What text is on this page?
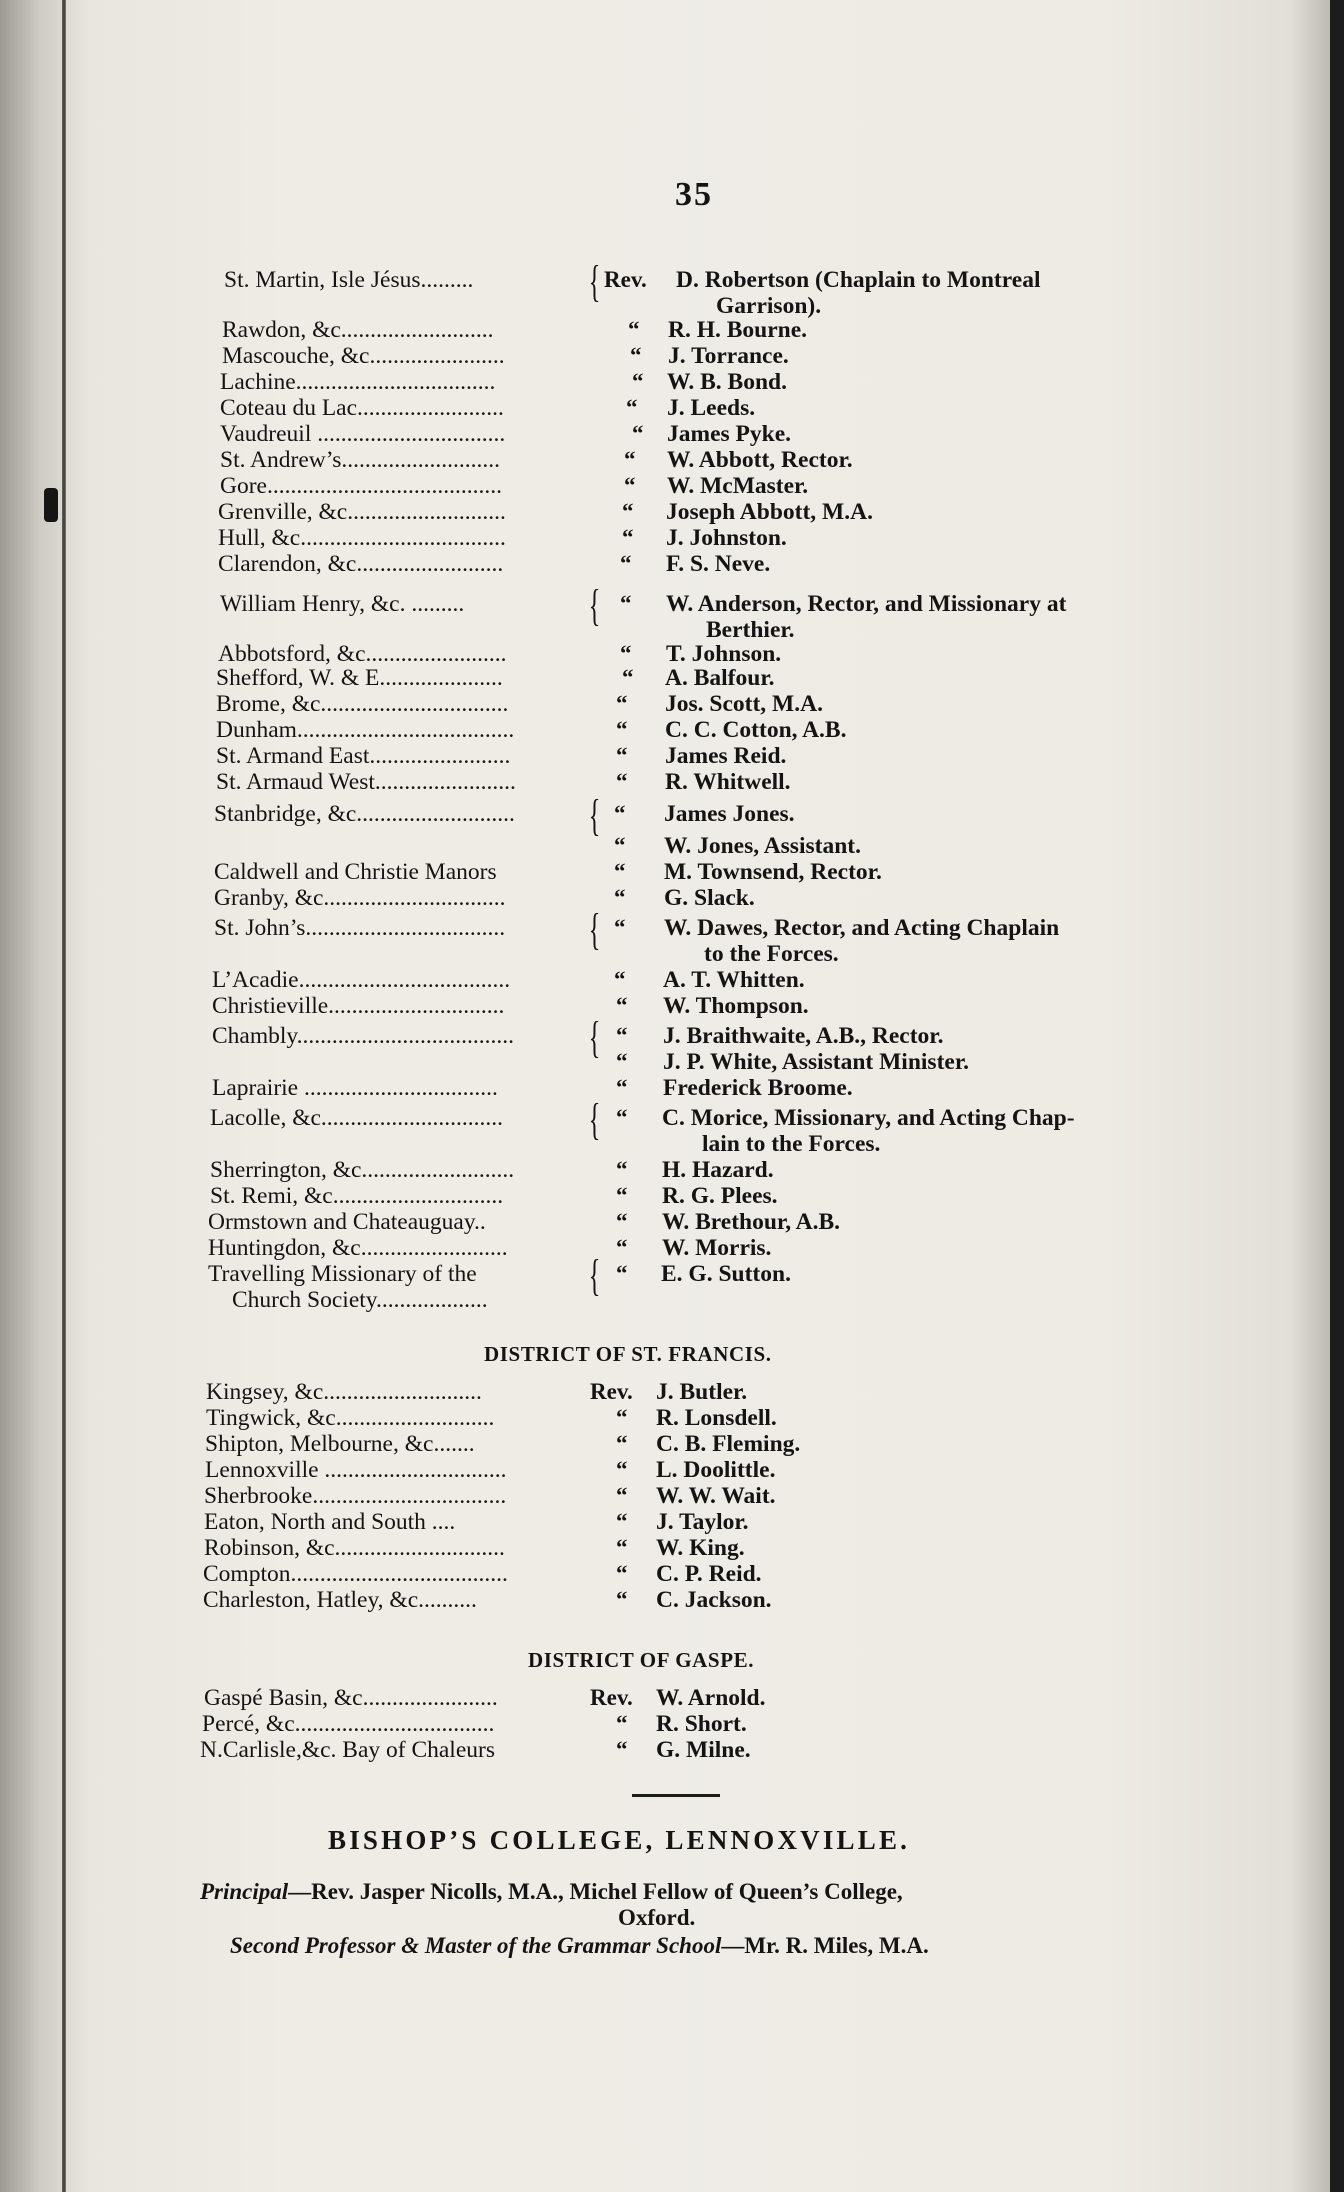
35
St. Martin, Isle Jésus.........	{ Rev. D. Robertson (Chaplain to Montreal
Garrison).
Rawdon, &c..........................	“ R. H. Bourne.
Mascouche, &c.......................	“ J. Torrance.
Lachine..................................	“ W. B. Bond.
Coteau du Lac.........................	“ J. Leeds.
Vaudreuil ................................	“ James Pyke.
St. Andrew’s...........................	“ W. Abbott, Rector.
Gore........................................	“ W. McMaster.
Grenville, &c...........................	“ Joseph Abbott, M.A.
Hull, &c...................................	“ J. Johnston.
Clarendon, &c.........................	“ F. S. Neve.
William Henry, &c. .........	{ “ W. Anderson, Rector, and Missionary at
Berthier.
Abbotsford, &c........................	“ T. Johnson.
Shefford, W. & E.....................	“ A. Balfour.
Brome, &c................................	“ Jos. Scott, M.A.
Dunham.....................................	“ C. C. Cotton, A.B.
St. Armand East........................	“ James Reid.
St. Armaud West........................	“ R. Whitwell.
Stanbridge, &c........................... { “ James Jones.
“ W. Jones, Assistant.
Caldwell and Christie Manors	“ M. Townsend, Rector.
Granby, &c...............................	“ G. Slack.
St. John’s.................................. { “ W. Dawes, Rector, and Acting Chaplain
to the Forces.
L’Acadie....................................	“ A. T. Whitten.
Christieville..............................	“ W. Thompson.
Chambly..................................... { “ J. Braithwaite, A.B., Rector.
“ J. P. White, Assistant Minister.
Laprairie .................................	“ Frederick Broome.
Lacolle, &c............................... { “ C. Morice, Missionary, and Acting Chap-
lain to the Forces.
Sherrington, &c..........................	“ H. Hazard.
St. Remi, &c.............................	“ R. G. Plees.
Ormstown and Chateauguay..	“ W. Brethour, A.B.
Huntingdon, &c.........................	“ W. Morris.
Travelling Missionary of the
Church Society................... { “ E. G. Sutton.
Kingsey, &c...........................	Rev. J. Butler.
Tingwick, &c...........................	“ R. Lonsdell.
Shipton, Melbourne, &c.......	“ C. B. Fleming.
Lennoxville ...............................	“ L. Doolittle.
Sherbrooke.................................	“ W. W. Wait.
Eaton, North and South ....	“ J. Taylor.
Robinson, &c.............................	“ W. King.
Compton.....................................	“ C. P. Reid.
Charleston, Hatley, &c..........	“ C. Jackson.
Gaspé Basin, &c.......................	Rev. W. Arnold.
Percé, &c..................................	“ R. Short.
N.Carlisle,&c. Bay of Chaleurs	“ G. Milne.
DISTRICT OF ST. FRANCIS.
DISTRICT OF GASPE.
BISHOP’S COLLEGE, LENNOXVILLE.
Principal—Rev. Jasper Nicolls, M.A., Michel Fellow of Queen’s College,
Oxford.
Second Professor & Master of the Grammar School—Mr. R. Miles, M.A.
